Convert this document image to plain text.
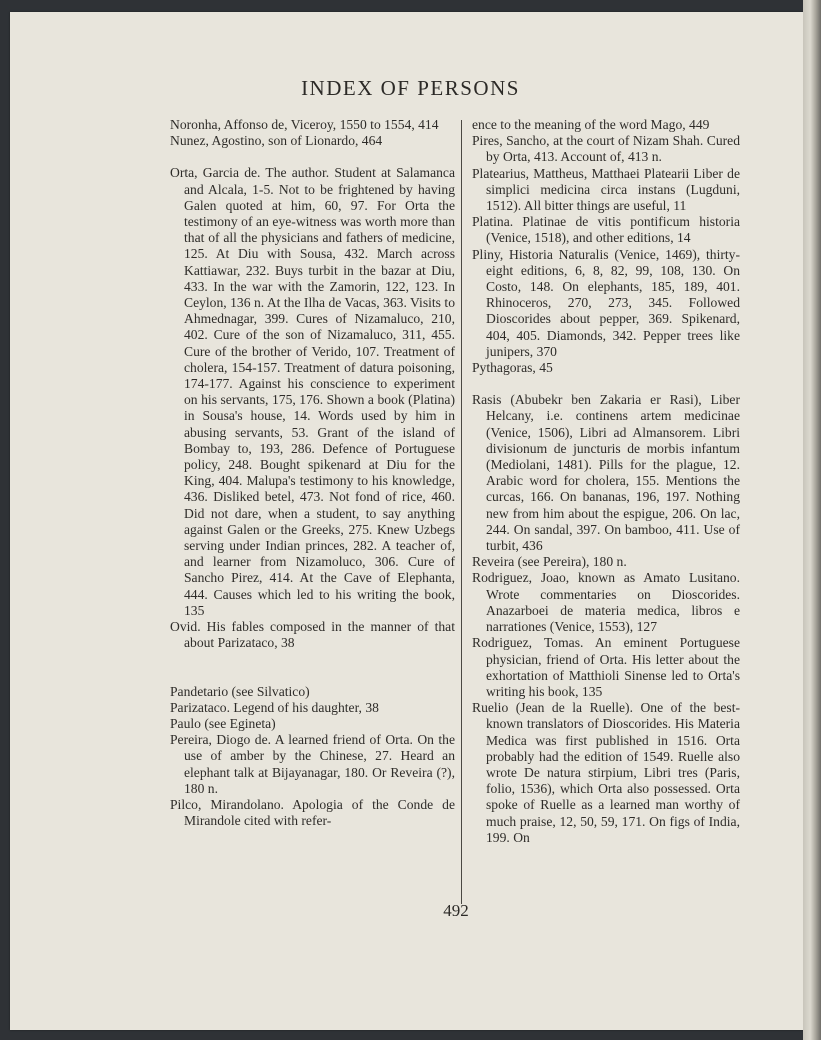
INDEX OF PERSONS

Noronha, Affonso de, Viceroy, 1550 to 1554, 414

Nunez, Agostino, son of Lionardo, 464

Orta, Garcia de. The author. Student at Salamanca and Alcala, 1-5. Not to be frightened by having Galen quoted at him, 60, 97. For Orta the testimony of an eye-witness was worth more than that of all the physicians and fathers of medicine, 125. At Diu with Sousa, 432. March across Kattiawar, 232. Buys turbit in the bazar at Diu, 433. In the war with the Zamorin, 122, 123. In Ceylon, 136 n. At the Ilha de Vacas, 363. Visits to Ahmednagar, 399. Cures of Nizamaluco, 210, 402. Cure of the son of Nizamaluco, 311, 455. Cure of the brother of Verido, 107. Treatment of cholera, 154-157. Treatment of datura poisoning, 174-177. Against his conscience to experiment on his servants, 175, 176. Shown a book (Platina) in Sousa's house, 14. Words used by him in abusing servants, 53. Grant of the island of Bombay to, 193, 286. Defence of Portuguese policy, 248. Bought spikenard at Diu for the King, 404. Malupa's testimony to his knowledge, 436. Disliked betel, 473. Not fond of rice, 460. Did not dare, when a student, to say anything against Galen or the Greeks, 275. Knew Uzbegs serving under Indian princes, 282. A teacher of, and learner from Nizamoluco, 306. Cure of Sancho Pirez, 414. At the Cave of Elephanta, 444. Causes which led to his writing the book, 135

Ovid. His fables composed in the manner of that about Parizataco, 38

Pandetario (see Silvatico)

Parizataco. Legend of his daughter, 38

Paulo (see Egineta)

Pereira, Diogo de. A learned friend of Orta. On the use of amber by the Chinese, 27. Heard an elephant talk at Bijayanagar, 180. Or Reveira (?), 180 n.

Pilco, Mirandolano. Apologia of the Conde de Mirandole cited with refer-

ence to the meaning of the word Mago, 449

Pires, Sancho, at the court of Nizam Shah. Cured by Orta, 413. Account of, 413 n.

Platearius, Mattheus, Matthaei Platearii Liber de simplici medicina circa instans (Lugduni, 1512). All bitter things are useful, 11

Platina. Platinae de vitis pontificum historia (Venice, 1518), and other editions, 14

Pliny, Historia Naturalis (Venice, 1469), thirty-eight editions, 6, 8, 82, 99, 108, 130. On Costo, 148. On elephants, 185, 189, 401. Rhinoceros, 270, 273, 345. Followed Dioscorides about pepper, 369. Spikenard, 404, 405. Diamonds, 342. Pepper trees like junipers, 370

Pythagoras, 45

Rasis (Abubekr ben Zakaria er Rasi), Liber Helcany, i.e. continens artem medicinae (Venice, 1506), Libri ad Almansorem. Libri divisionum de juncturis de morbis infantum (Mediolani, 1481). Pills for the plague, 12. Arabic word for cholera, 155. Mentions the curcas, 166. On bananas, 196, 197. Nothing new from him about the espigue, 206. On lac, 244. On sandal, 397. On bamboo, 411. Use of turbit, 436

Reveira (see Pereira), 180 n.

Rodriguez, Joao, known as Amato Lusitano. Wrote commentaries on Dioscorides. Anazarboei de materia medica, libros e narrationes (Venice, 1553), 127

Rodriguez, Tomas. An eminent Portuguese physician, friend of Orta. His letter about the exhortation of Matthioli Sinense led to Orta's writing his book, 135

Ruelio (Jean de la Ruelle). One of the best-known translators of Dioscorides. His Materia Medica was first published in 1516. Orta probably had the edition of 1549. Ruelle also wrote De natura stirpium, Libri tres (Paris, folio, 1536), which Orta also possessed. Orta spoke of Ruelle as a learned man worthy of much praise, 12, 50, 59, 171. On figs of India, 199. On

492
